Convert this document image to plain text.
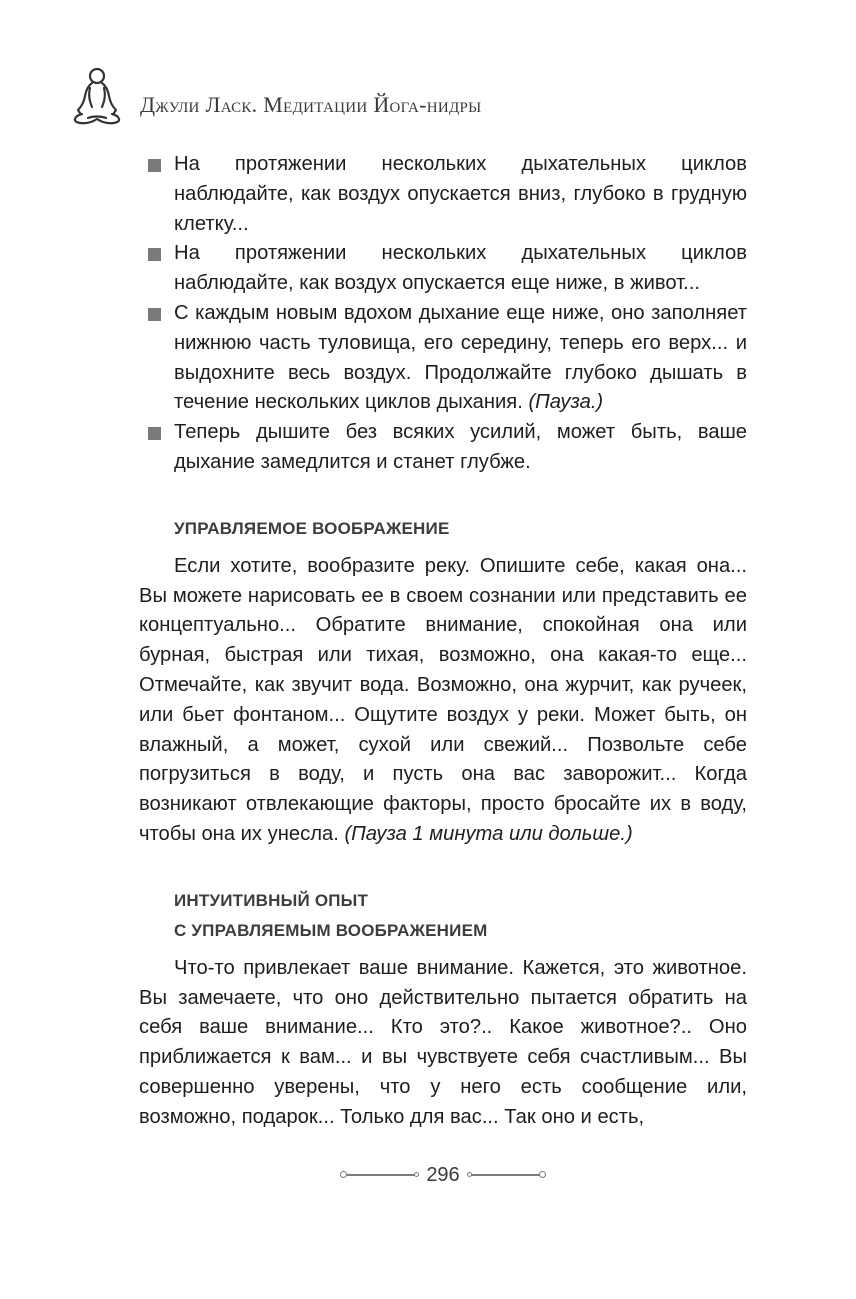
Джули Ласк. Медитации Йога-нидры
На протяжении нескольких дыхательных циклов наблюдайте, как воздух опускается вниз, глубоко в грудную клетку...
На протяжении нескольких дыхательных циклов наблюдайте, как воздух опускается еще ниже, в живот...
С каждым новым вдохом дыхание еще ниже, оно заполняет нижнюю часть туловища, его середину, теперь его верх... и выдохните весь воздух. Продолжайте глубоко дышать в течение нескольких циклов дыхания. (Пауза.)
Теперь дышите без всяких усилий, может быть, ваше дыхание замедлится и станет глубже.
УПРАВЛЯЕМОЕ ВООБРАЖЕНИЕ

Если хотите, вообразите реку. Опишите себе, какая она... Вы можете нарисовать ее в своем сознании или представить ее концептуально... Обратите внимание, спокойная она или бурная, быстрая или тихая, возможно, она какая-то еще... Отмечайте, как звучит вода. Возможно, она журчит, как ручеек, или бьет фонтаном... Ощутите воздух у реки. Может быть, он влажный, а может, сухой или свежий... Позвольте себе погрузиться в воду, и пусть она вас заворожит... Когда возникают отвлекающие факторы, просто бросайте их в воду, чтобы она их унесла. (Пауза 1 минута или дольше.)

ИНТУИТИВНЫЙ ОПЫТ
С УПРАВЛЯЕМЫМ ВООБРАЖЕНИЕМ

Что-то привлекает ваше внимание. Кажется, это животное. Вы замечаете, что оно действительно пытается обратить на себя ваше внимание... Кто это?.. Какое животное?.. Оно приближается к вам... и вы чувствуете себя счастливым... Вы совершенно уверены, что у него есть сообщение или, возможно, подарок... Только для вас... Так оно и есть,

296
